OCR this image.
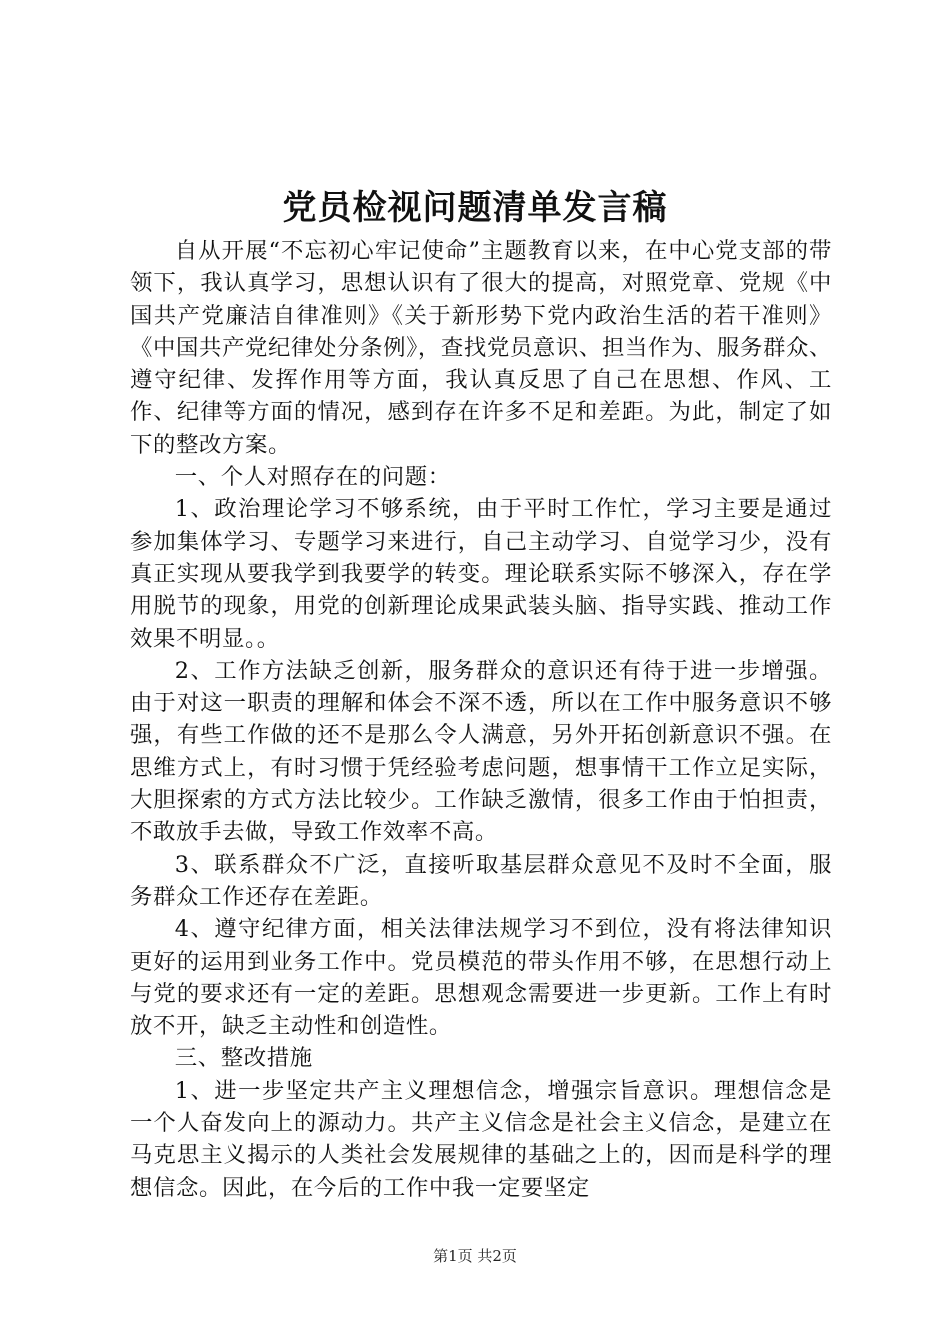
党员检视问题清单发言稿

自从开展“不忘初心牢记使命”主题教育以来，在中心党支部的带领下，我认真学习，思想认识有了很大的提高，对照党章、党规《中国共产党廉洁自律准则》《关于新形势下党内政治生活的若干准则》《中国共产党纪律处分条例》，查找党员意识、担当作为、服务群众、遵守纪律、发挥作用等方面，我认真反思了自己在思想、作风、工作、纪律等方面的情况，感到存在许多不足和差距。为此，制定了如下的整改方案。

一、个人对照存在的问题：

1、政治理论学习不够系统，由于平时工作忙，学习主要是通过参加集体学习、专题学习来进行，自己主动学习、自觉学习少，没有真正实现从要我学到我要学的转变。理论联系实际不够深入，存在学用脱节的现象，用党的创新理论成果武装头脑、指导实践、推动工作效果不明显。。

2、工作方法缺乏创新，服务群众的意识还有待于进一步增强。由于对这一职责的理解和体会不深不透，所以在工作中服务意识不够强，有些工作做的还不是那么令人满意，另外开拓创新意识不强。在思维方式上，有时习惯于凭经验考虑问题，想事情干工作立足实际，大胆探索的方式方法比较少。工作缺乏激情，很多工作由于怕担责，不敢放手去做，导致工作效率不高。

3、联系群众不广泛，直接听取基层群众意见不及时不全面，服务群众工作还存在差距。

4、遵守纪律方面，相关法律法规学习不到位，没有将法律知识更好的运用到业务工作中。党员模范的带头作用不够，在思想行动上与党的要求还有一定的差距。思想观念需要进一步更新。工作上有时放不开，缺乏主动性和创造性。

三、整改措施

1、进一步坚定共产主义理想信念，增强宗旨意识。理想信念是一个人奋发向上的源动力。共产主义信念是社会主义信念，是建立在马克思主义揭示的人类社会发展规律的基础之上的，因而是科学的理想信念。因此，在今后的工作中我一定要坚定

第1页 共2页
